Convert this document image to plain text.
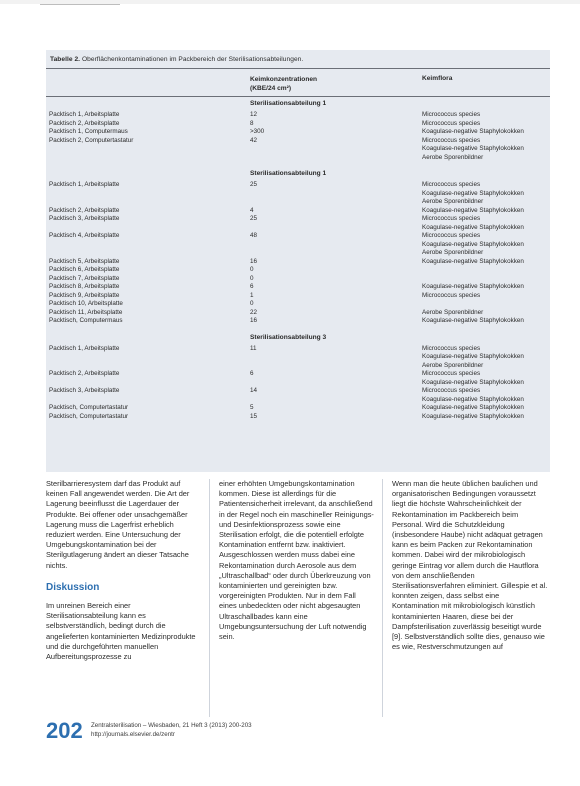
Tabelle 2. Oberflächenkontaminationen im Packbereich der Sterilisationsabteilungen.
Keimkonzentrationen
(KBE/24 cm²)
Keimflora
Sterilisationsabteilung 1
Packtisch 1, Arbeitsplatte	12	Micrococcus species
Packtisch 2, Arbeitsplatte	8	Micrococcus species
Packtisch 1, Computermaus	>300	Koagulase-negative Staphylokokken
Packtisch 2, Computertastatur	42	Micrococcus species
Koagulase-negative Staphylokokken
Aerobe Sporenbildner
Sterilisationsabteilung 1
Packtisch 1, Arbeitsplatte	25	Micrococcus species
Koagulase-negative Staphylokokken
Aerobe Sporenbildner
Packtisch 2, Arbeitsplatte	4	Koagulase-negative Staphylokokken
Packtisch 3, Arbeitsplatte	25	Micrococcus species
Koagulase-negative Staphylokokken
Packtisch 4, Arbeitsplatte	48	Micrococcus species
Koagulase-negative Staphylokokken
Aerobe Sporenbildner
Packtisch 5, Arbeitsplatte	16	Koagulase-negative Staphylokokken
Packtisch 6, Arbeitsplatte	0
Packtisch 7, Arbeitsplatte	0
Packtisch 8, Arbeitsplatte	6	Koagulase-negative Staphylokokken
Packtisch 9, Arbeitsplatte	1	Micrococcus species
Packtisch 10, Arbeitsplatte	0
Packtisch 11, Arbeitsplatte	22	Aerobe Sporenbildner
Packtisch, Computermaus	16	Koagulase-negative Staphylokokken
Sterilisationsabteilung 3
Packtisch 1, Arbeitsplatte	11	Micrococcus species
Koagulase-negative Staphylokokken
Aerobe Sporenbildner
Packtisch 2, Arbeitsplatte	6	Micrococcus species
Koagulase-negative Staphylokokken
Packtisch 3, Arbeitsplatte	14	Micrococcus species
Koagulase-negative Staphylokokken
Packtisch, Computertastatur	5	Koagulase-negative Staphylokokken
Packtisch, Computertastatur	15	Koagulase-negative Staphylokokken

Sterilbarrieresystem darf das Produkt auf keinen Fall angewendet werden. Die Art der Lagerung beeinflusst die Lagerdauer der Produkte. Bei offener oder unsachgemäßer Lagerung muss die Lagerfrist erheblich reduziert werden. Eine Untersuchung der Umgebungskontamination bei der Sterilgutlagerung ändert an dieser Tatsache nichts.

Diskussion

Im unreinen Bereich einer Sterilisationsabteilung kann es selbstverständlich, bedingt durch die angelieferten kontaminierten Medizinprodukte und die durchgeführten manuellen Aufbereitungsprozesse zu

einer erhöhten Umgebungskontamination kommen. Diese ist allerdings für die Patientensicherheit irrelevant, da anschließend in der Regel noch ein maschineller Reinigungs- und Desinfektionsprozess sowie eine Sterilisation erfolgt, die die potentiell erfolgte Kontamination entfernt bzw. inaktiviert. Ausgeschlossen werden muss dabei eine Rekontamination durch Aerosole aus dem „Ultraschallbad“ oder durch Überkreuzung von kontaminierten und gereinigten bzw. vorgereinigten Produkten. Nur in dem Fall eines unbedeckten oder nicht abgesaugten Ultraschallbades kann eine Umgebungsuntersuchung der Luft notwendig sein.

Wenn man die heute üblichen baulichen und organisatorischen Bedingungen voraussetzt liegt die höchste Wahrscheinlichkeit der Rekontamination im Packbereich beim Personal. Wird die Schutzkleidung (insbesondere Haube) nicht adäquat getragen kann es beim Packen zur Rekontamination kommen. Dabei wird der mikrobiologisch geringe Eintrag vor allem durch die Hautflora von dem anschließenden Sterilisationsverfahren eliminiert. Gillespie et al. konnten zeigen, dass selbst eine Kontamination mit mikrobiologisch künstlich kontaminierten Haaren, diese bei der Dampfsterilisation zuverlässig beseitigt wurde [9]. Selbstverständlich sollte dies, genauso wie es wie, Restverschmutzungen auf

202 Zentralsterilisation – Wiesbaden, 21 Heft 3 (2013) 200-203
http://journals.elsevier.de/zentr
